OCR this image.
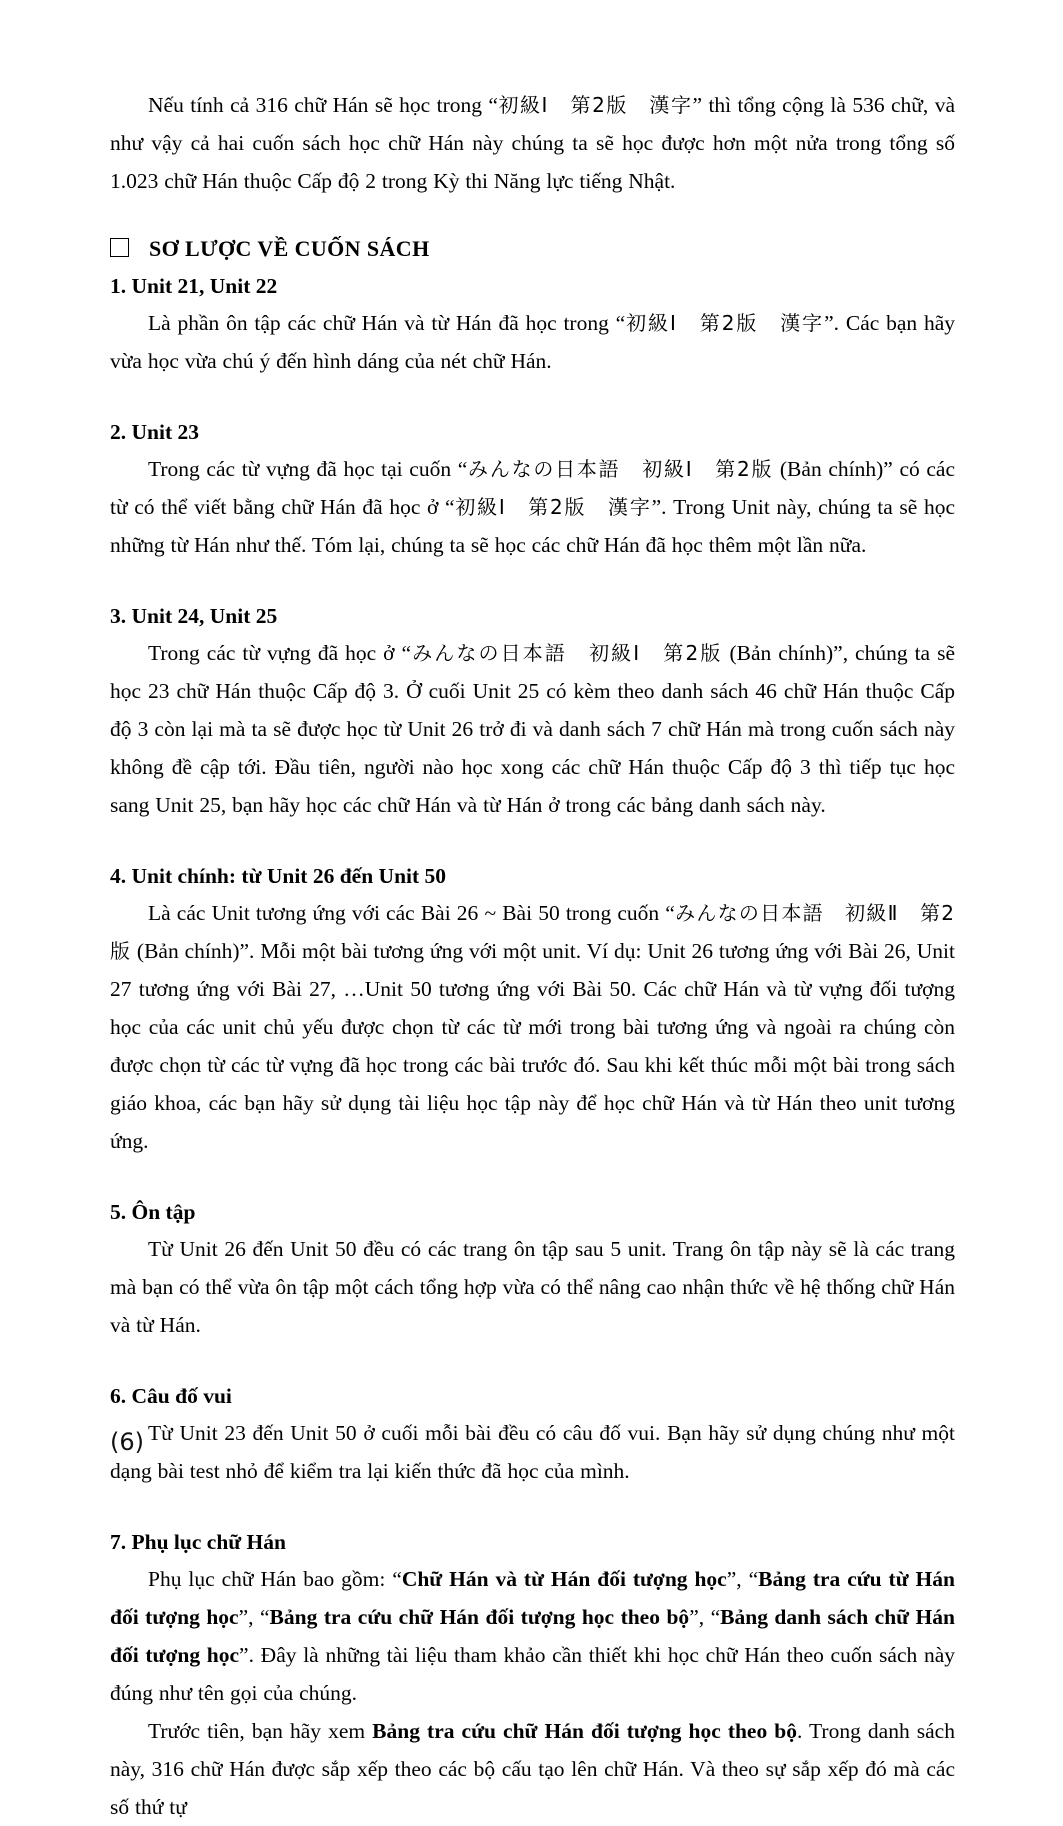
Nếu tính cả 316 chữ Hán sẽ học trong “初級Ⅰ　第2版　漢字” thì tổng cộng là 536 chữ, và như vậy cả hai cuốn sách học chữ Hán này chúng ta sẽ học được hơn một nửa trong tổng số 1.023 chữ Hán thuộc Cấp độ 2 trong Kỳ thi Năng lực tiếng Nhật.

SƠ LƯỢC VỀ CUỐN SÁCH
1. Unit 21, Unit 22

Là phần ôn tập các chữ Hán và từ Hán đã học trong “初級Ⅰ　第2版　漢字”. Các bạn hãy vừa học vừa chú ý đến hình dáng của nét chữ Hán.

2. Unit 23

Trong các từ vựng đã học tại cuốn “みんなの日本語　初級Ⅰ　第2版 (Bản chính)” có các từ có thể viết bằng chữ Hán đã học ở “初級Ⅰ　第2版　漢字”. Trong Unit này, chúng ta sẽ học những từ Hán như thế. Tóm lại, chúng ta sẽ học các chữ Hán đã học thêm một lần nữa.

3. Unit 24, Unit 25

Trong các từ vựng đã học ở “みんなの日本語　初級Ⅰ　第2版 (Bản chính)”, chúng ta sẽ học 23 chữ Hán thuộc Cấp độ 3. Ở cuối Unit 25 có kèm theo danh sách 46 chữ Hán thuộc Cấp độ 3 còn lại mà ta sẽ được học từ Unit 26 trở đi và danh sách 7 chữ Hán mà trong cuốn sách này không đề cập tới. Đầu tiên, người nào học xong các chữ Hán thuộc Cấp độ 3 thì tiếp tục học sang Unit 25, bạn hãy học các chữ Hán và từ Hán ở trong các bảng danh sách này.

4. Unit chính: từ Unit 26 đến Unit 50

Là các Unit tương ứng với các Bài 26 ~ Bài 50 trong cuốn “みんなの日本語　初級Ⅱ　第2版 (Bản chính)”. Mỗi một bài tương ứng với một unit. Ví dụ: Unit 26 tương ứng với Bài 26, Unit 27 tương ứng với Bài 27, …Unit 50 tương ứng với Bài 50. Các chữ Hán và từ vựng đối tượng học của các unit chủ yếu được chọn từ các từ mới trong bài tương ứng và ngoài ra chúng còn được chọn từ các từ vựng đã học trong các bài trước đó. Sau khi kết thúc mỗi một bài trong sách giáo khoa, các bạn hãy sử dụng tài liệu học tập này để học chữ Hán và từ Hán theo unit tương ứng.

5. Ôn tập

Từ Unit 26 đến Unit 50 đều có các trang ôn tập sau 5 unit. Trang ôn tập này sẽ là các trang mà bạn có thể vừa ôn tập một cách tổng hợp vừa có thể nâng cao nhận thức về hệ thống chữ Hán và từ Hán.

6. Câu đố vui

Từ Unit 23 đến Unit 50 ở cuối mỗi bài đều có câu đố vui. Bạn hãy sử dụng chúng như một dạng bài test nhỏ để kiểm tra lại kiến thức đã học của mình.

7. Phụ lục chữ Hán

Phụ lục chữ Hán bao gồm: “Chữ Hán và từ Hán đối tượng học”, “Bảng tra cứu từ Hán đối tượng học”, “Bảng tra cứu chữ Hán đối tượng học theo bộ”, “Bảng danh sách chữ Hán đối tượng học”. Đây là những tài liệu tham khảo cần thiết khi học chữ Hán theo cuốn sách này đúng như tên gọi của chúng.

Trước tiên, bạn hãy xem Bảng tra cứu chữ Hán đối tượng học theo bộ. Trong danh sách này, 316 chữ Hán được sắp xếp theo các bộ cấu tạo lên chữ Hán. Và theo sự sắp xếp đó mà các số thứ tự

(6)
